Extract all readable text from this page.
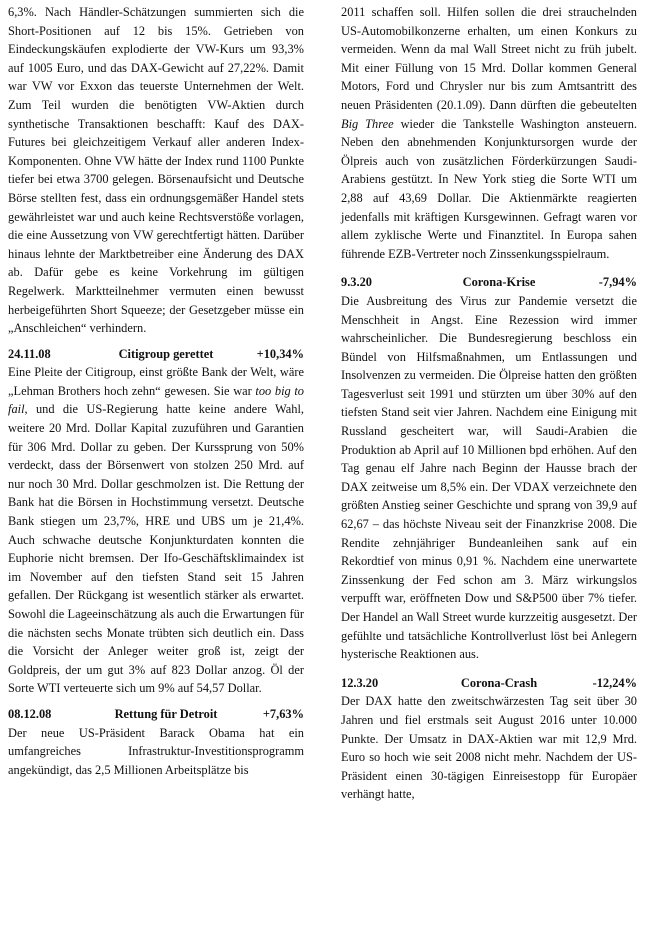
6,3%. Nach Händler-Schätzungen summierten sich die Short-Positionen auf 12 bis 15%. Getrieben von Eindeckungskäufen explodierte der VW-Kurs um 93,3% auf 1005 Euro, und das DAX-Gewicht auf 27,22%. Damit war VW vor Exxon das teuerste Unternehmen der Welt. Zum Teil wurden die benötigten VW-Aktien durch synthetische Transaktionen beschafft: Kauf des DAX-Futures bei gleichzeitigem Verkauf aller anderen Index-Komponenten. Ohne VW hätte der Index rund 1100 Punkte tiefer bei etwa 3700 gelegen. Börsenaufsicht und Deutsche Börse stellten fest, dass ein ordnungsgemäßer Handel stets gewährleistet war und auch keine Rechtsverstöße vorlagen, die eine Aussetzung von VW gerechtfertigt hätten. Darüber hinaus lehnte der Marktbetreiber eine Änderung des DAX ab. Dafür gebe es keine Vorkehrung im gültigen Regelwerk. Marktteilnehmer vermuten einen bewusst herbeigeführten Short Squeeze; der Gesetzgeber müsse ein „Anschleichen“ verhindern.

24.11.08	Citigroup gerettet	+10,34%

Eine Pleite der Citigroup, einst größte Bank der Welt, wäre „Lehman Brothers hoch zehn“ gewesen. Sie war too big to fail, und die US-Regierung hatte keine andere Wahl, weitere 20 Mrd. Dollar Kapital zuzuführen und Garantien für 306 Mrd. Dollar zu geben. Der Kurssprung von 50% verdeckt, dass der Börsenwert von stolzen 250 Mrd. auf nur noch 30 Mrd. Dollar geschmolzen ist. Die Rettung der Bank hat die Börsen in Hochstimmung versetzt. Deutsche Bank stiegen um 23,7%, HRE und UBS um je 21,4%. Auch schwache deutsche Konjunkturdaten konnten die Euphorie nicht bremsen. Der Ifo-Geschäftsklimaindex ist im November auf den tiefsten Stand seit 15 Jahren gefallen. Der Rückgang ist wesentlich stärker als erwartet. Sowohl die Lageeinschätzung als auch die Erwartungen für die nächsten sechs Monate trübten sich deutlich ein. Dass die Vorsicht der Anleger weiter groß ist, zeigt der Goldpreis, der um gut 3% auf 823 Dollar anzog. Öl der Sorte WTI verteuerte sich um 9% auf 54,57 Dollar.

08.12.08	Rettung für Detroit	+7,63%

Der neue US-Präsident Barack Obama hat ein umfangreiches Infrastruktur-Investitionsprogramm angekündigt, das 2,5 Millionen Arbeitsplätze bis

2011 schaffen soll. Hilfen sollen die drei strauchelnden US-Automobilkonzerne erhalten, um einen Konkurs zu vermeiden. Wenn da mal Wall Street nicht zu früh jubelt. Mit einer Füllung von 15 Mrd. Dollar kommen General Motors, Ford und Chrysler nur bis zum Amtsantritt des neuen Präsidenten (20.1.09). Dann dürften die gebeutelten Big Three wieder die Tankstelle Washington ansteuern. Neben den abnehmenden Konjunktursorgen wurde der Ölpreis auch von zusätzlichen Förderkürzungen Saudi-Arabiens gestützt. In New York stieg die Sorte WTI um 2,88 auf 43,69 Dollar. Die Aktienmärkte reagierten jedenfalls mit kräftigen Kursgewinnen. Gefragt waren vor allem zyklische Werte und Finanztitel. In Europa sahen führende EZB-Vertreter noch Zinssenkungsspielraum.

9.3.20	Corona-Krise	-7,94%

Die Ausbreitung des Virus zur Pandemie versetzt die Menschheit in Angst. Eine Rezession wird immer wahrscheinlicher. Die Bundesregierung beschloss ein Bündel von Hilfsmaßnahmen, um Entlassungen und Insolvenzen zu vermeiden. Die Ölpreise hatten den größten Tagesverlust seit 1991 und stürzten um über 30% auf den tiefsten Stand seit vier Jahren. Nachdem eine Einigung mit Russland gescheitert war, will Saudi-Arabien die Produktion ab April auf 10 Millionen bpd erhöhen. Auf den Tag genau elf Jahre nach Beginn der Hausse brach der DAX zeitweise um 8,5% ein. Der VDAX verzeichnete den größten Anstieg seiner Geschichte und sprang von 39,9 auf 62,67 – das höchste Niveau seit der Finanzkrise 2008. Die Rendite zehnjähriger Bundeanleihen sank auf ein Rekordtief von minus 0,91 %. Nachdem eine unerwartete Zinssenkung der Fed schon am 3. März wirkungslos verpufft war, eröffneten Dow und S&P500 über 7% tiefer. Der Handel an Wall Street wurde kurzzeitig ausgesetzt. Der gefühlte und tatsächliche Kontrollverlust löst bei Anlegern hysterische Reaktionen aus.

12.3.20	Corona-Crash	-12,24%

Der DAX hatte den zweitschwärzesten Tag seit über 30 Jahren und fiel erstmals seit August 2016 unter 10.000 Punkte. Der Umsatz in DAX-Aktien war mit 12,9 Mrd. Euro so hoch wie seit 2008 nicht mehr. Nachdem der US-Präsident einen 30-tägigen Einreisestopp für Europäer verhängt hatte,
